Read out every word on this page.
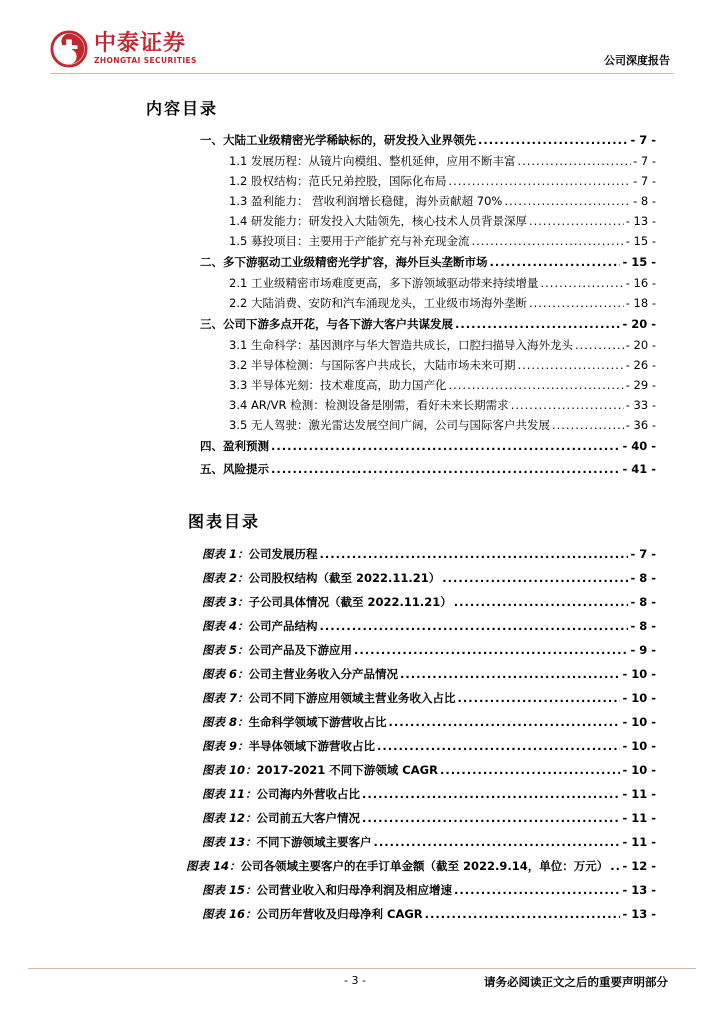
中泰证券
ZHONGTAI SECURITIES	公司深度报告
内容目录
一、大陆工业级精密光学稀缺标的，研发投入业界领先 .....	- 7 -
1.1 发展历程：从镜片向模组、整机延伸，应用不断丰富 .....	- 7 -
1.2 股权结构：范氏兄弟控股，国际化布局 .....	- 7 -
1.3 盈利能力： 营收利润增长稳健，海外贡献超 70% .....	- 8 -
1.4 研发能力：研发投入大陆领先，核心技术人员背景深厚 .....	- 13 -
1.5 募投项目：主要用于产能扩充与补充现金流 .....	- 15 -
二、多下游驱动工业级精密光学扩容，海外巨头垄断市场 .....	- 15 -
2.1 工业级精密市场难度更高，多下游领域驱动带来持续增量 .....	- 16 -
2.2 大陆消费、安防和汽车涌现龙头，工业级市场海外垄断 .....	- 18 -
三、公司下游多点开花，与各下游大客户共谋发展 .....	- 20 -
3.1 生命科学：基因测序与华大智造共成长，口腔扫描导入海外龙头 .....	- 20 -
3.2 半导体检测：与国际客户共成长，大陆市场未来可期 .....	- 26 -
3.3 半导体光刻：技术难度高，助力国产化 .....	- 29 -
3.4 AR/VR 检测：检测设备是刚需，看好未来长期需求 .....	- 33 -
3.5 无人驾驶：激光雷达发展空间广阔，公司与国际客户共发展 .....	- 36 -
四、盈利预测 .....	- 40 -
五、风险提示 .....	- 41 -
图表目录
图表 1： 公司发展历程 .....	- 7 -
图表 2： 公司股权结构（截至 2022.11.21） .....	- 8 -
图表 3： 子公司具体情况（截至 2022.11.21） .....	- 8 -
图表 4： 公司产品结构 .....	- 8 -
图表 5： 公司产品及下游应用 .....	- 9 -
图表 6： 公司主营业务收入分产品情况 .....	- 10 -
图表 7： 公司不同下游应用领域主营业务收入占比 .....	- 10 -
图表 8： 生命科学领域下游营收占比 .....	- 10 -
图表 9： 半导体领域下游营收占比 .....	- 10 -
图表 10： 2017-2021 不同下游领域 CAGR .....	- 10 -
图表 11： 公司海内外营收占比 .....	- 11 -
图表 12： 公司前五大客户情况 .....	- 11 -
图表 13： 不同下游领域主要客户 .....	- 11 -
图表 14： 公司各领域主要客户的在手订单金额（截至 2022.9.14，单位：万元） ..... - 12 -
图表 15： 公司营业收入和归母净利润及相应增速 .....	- 13 -
图表 16： 公司历年营收及归母净利 CAGR .....	- 13 -
- 3 -	请务必阅读正文之后的重要声明部分
